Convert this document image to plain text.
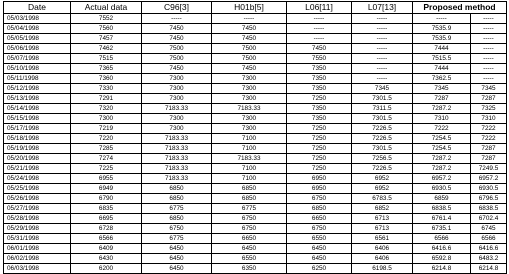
Date	Actual data	C96[3]	H01b[5]	L06[11]	L07[13]	Proposed method	
05/03/1998	7552	-----	-----	-----	-----	-----	-----
05/04/1998	7560	7450	7450	-----	-----	7535.9	-----
05/05/1998	7457	7450	7450	-----	-----	7535.9	-----
05/06/1998	7462	7500	7500	7450	-----	7444	-----
05/07/1998	7515	7500	7500	7550	-----	7515.5	-----
05/10/1998	7365	7450	7450	7350	-----	7444	-----
05/11/1998	7360	7300	7300	7350	-----	7362.5	-----
05/12/1998	7330	7300	7300	7350	7345	7345	7345
05/13/1998	7291	7300	7300	7250	7301.5	7287	7287
05/14/1998	7320	7183.33	7183.33	7350	7311.5	7287.2	7325
05/15/1998	7300	7300	7300	7350	7301.5	7310	7310
05/17/1998	7219	7300	7300	7250	7226.5	7222	7222
05/18/1998	7220	7183.33	7100	7250	7226.5	7254.5	7222
05/19/1998	7285	7183.33	7100	7250	7301.5	7254.5	7287
05/20/1998	7274	7183.33	7183.33	7250	7256.5	7287.2	7287
05/21/1998	7225	7183.33	7100	7250	7226.5	7287.2	7249.5
05/24/1998	6955	7183.33	7100	6950	6952	6957.2	6957.2
05/25/1998	6949	6850	6850	6950	6952	6930.5	6930.5
05/26/1998	6790	6850	6850	6750	6783.5	6859	6796.5
05/27/1998	6835	6775	6775	6850	6852	6838.5	6838.5
05/28/1998	6695	6850	6750	6650	6713	6761.4	6702.4
05/29/1998	6728	6750	6750	6750	6713	6735.1	6745
05/31/1998	6566	6775	6650	6550	6561	6566	6566
06/01/1998	6409	6450	6450	6450	6406	6416.6	6416.6
06/02/1998	6430	6450	6550	6450	6406	6592.8	6483.2
06/03/1998	6200	6450	6350	6250	6198.5	6214.8	6214.8
